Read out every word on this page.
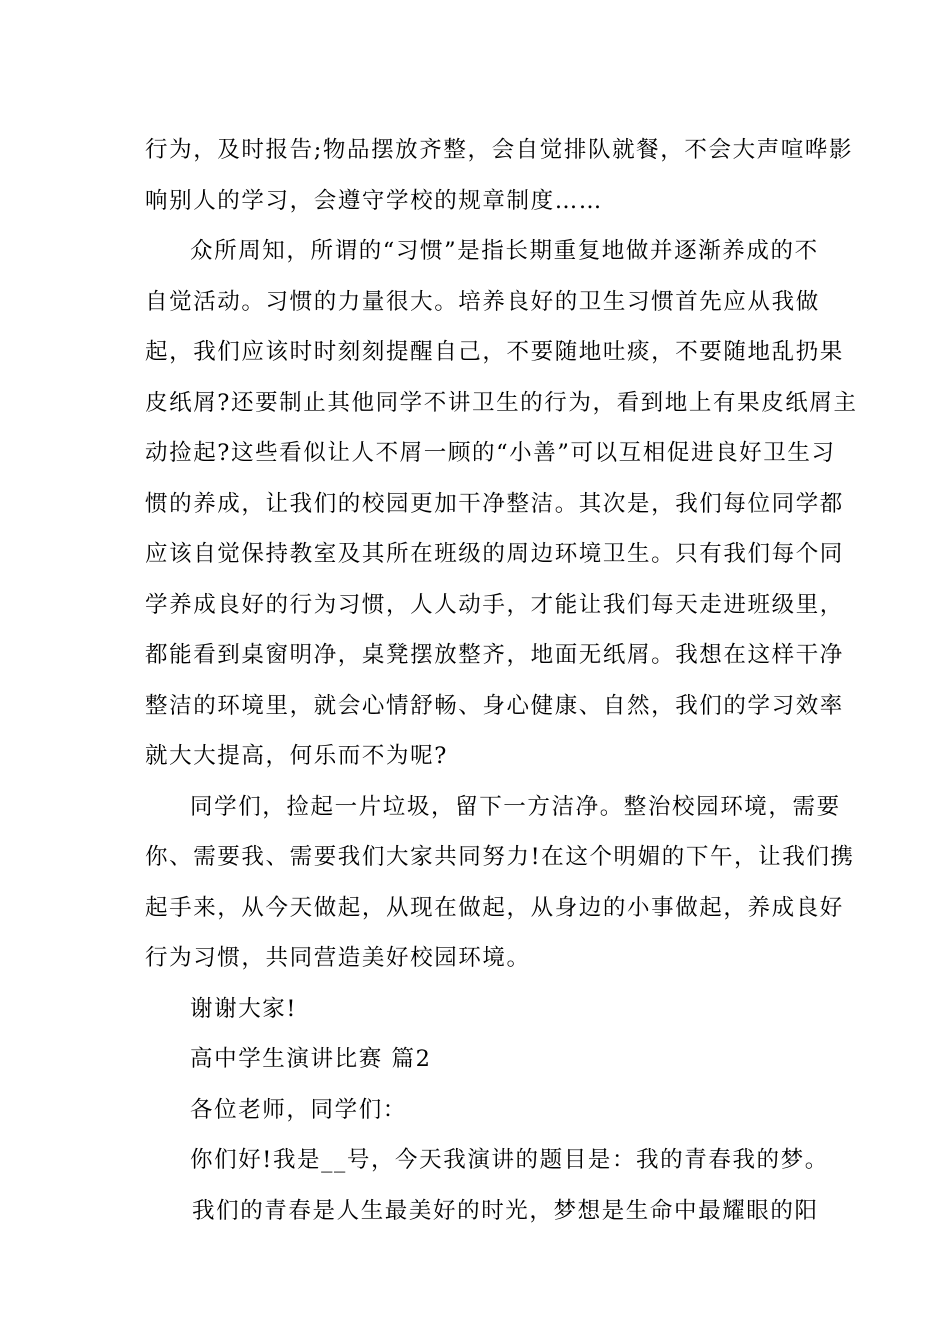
行为，及时报告;物品摆放齐整，会自觉排队就餐，不会大声喧哗影
响别人的学习，会遵守学校的规章制度……
众所周知，所谓的“习惯”是指长期重复地做并逐渐养成的不
自觉活动。习惯的力量很大。培养良好的卫生习惯首先应从我做
起，我们应该时时刻刻提醒自己，不要随地吐痰，不要随地乱扔果
皮纸屑?还要制止其他同学不讲卫生的行为，看到地上有果皮纸屑主
动捡起?这些看似让人不屑一顾的“小善”可以互相促进良好卫生习
惯的养成，让我们的校园更加干净整洁。其次是，我们每位同学都
应该自觉保持教室及其所在班级的周边环境卫生。只有我们每个同
学养成良好的行为习惯，人人动手，才能让我们每天走进班级里，
都能看到桌窗明净，桌凳摆放整齐，地面无纸屑。我想在这样干净
整洁的环境里，就会心情舒畅、身心健康、自然，我们的学习效率
就大大提高，何乐而不为呢?
同学们，捡起一片垃圾，留下一方洁净。整治校园环境，需要
你、需要我、需要我们大家共同努力!在这个明媚的下午，让我们携
起手来，从今天做起，从现在做起，从身边的小事做起，养成良好
行为习惯，共同营造美好校园环境。
谢谢大家!
高中学生演讲比赛 篇2
各位老师，同学们：
你们好!我是__号，今天我演讲的题目是：我的青春我的梦。
我们的青春是人生最美好的时光，梦想是生命中最耀眼的阳
